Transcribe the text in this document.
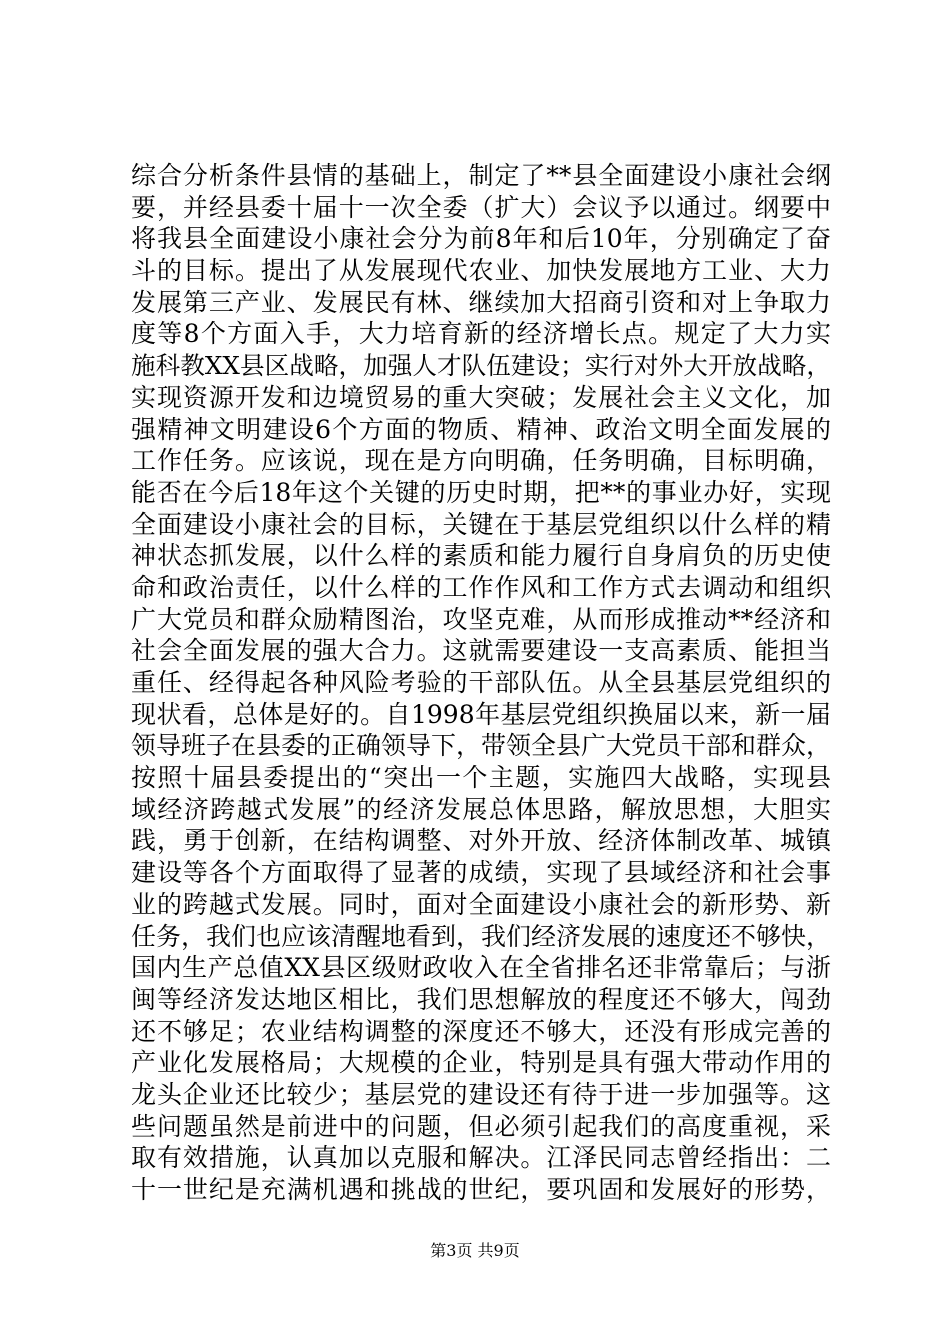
综合分析条件县情的基础上，制定了**县全面建设小康社会纲
要，并经县委十届十一次全委（扩大）会议予以通过。纲要中
将我县全面建设小康社会分为前8年和后10年，分别确定了奋
斗的目标。提出了从发展现代农业、加快发展地方工业、大力
发展第三产业、发展民有林、继续加大招商引资和对上争取力
度等8个方面入手，大力培育新的经济增长点。规定了大力实
施科教XX县区战略，加强人才队伍建设；实行对外大开放战略，
实现资源开发和边境贸易的重大突破；发展社会主义文化，加
强精神文明建设6个方面的物质、精神、政治文明全面发展的
工作任务。应该说，现在是方向明确，任务明确，目标明确，
能否在今后18年这个关键的历史时期，把**的事业办好，实现
全面建设小康社会的目标，关键在于基层党组织以什么样的精
神状态抓发展，以什么样的素质和能力履行自身肩负的历史使
命和政治责任，以什么样的工作作风和工作方式去调动和组织
广大党员和群众励精图治，攻坚克难，从而形成推动**经济和
社会全面发展的强大合力。这就需要建设一支高素质、能担当
重任、经得起各种风险考验的干部队伍。从全县基层党组织的
现状看，总体是好的。自1998年基层党组织换届以来，新一届
领导班子在县委的正确领导下，带领全县广大党员干部和群众，
按照十届县委提出的“突出一个主题，实施四大战略，实现县
域经济跨越式发展”的经济发展总体思路，解放思想，大胆实
践，勇于创新，在结构调整、对外开放、经济体制改革、城镇
建设等各个方面取得了显著的成绩，实现了县域经济和社会事
业的跨越式发展。同时，面对全面建设小康社会的新形势、新
任务，我们也应该清醒地看到，我们经济发展的速度还不够快，
国内生产总值XX县区级财政收入在全省排名还非常靠后；与浙
闽等经济发达地区相比，我们思想解放的程度还不够大，闯劲
还不够足；农业结构调整的深度还不够大，还没有形成完善的
产业化发展格局；大规模的企业，特别是具有强大带动作用的
龙头企业还比较少；基层党的建设还有待于进一步加强等。这
些问题虽然是前进中的问题，但必须引起我们的高度重视，采
取有效措施，认真加以克服和解决。江泽民同志曾经指出：二
十一世纪是充满机遇和挑战的世纪，要巩固和发展好的形势，
第3页 共9页
